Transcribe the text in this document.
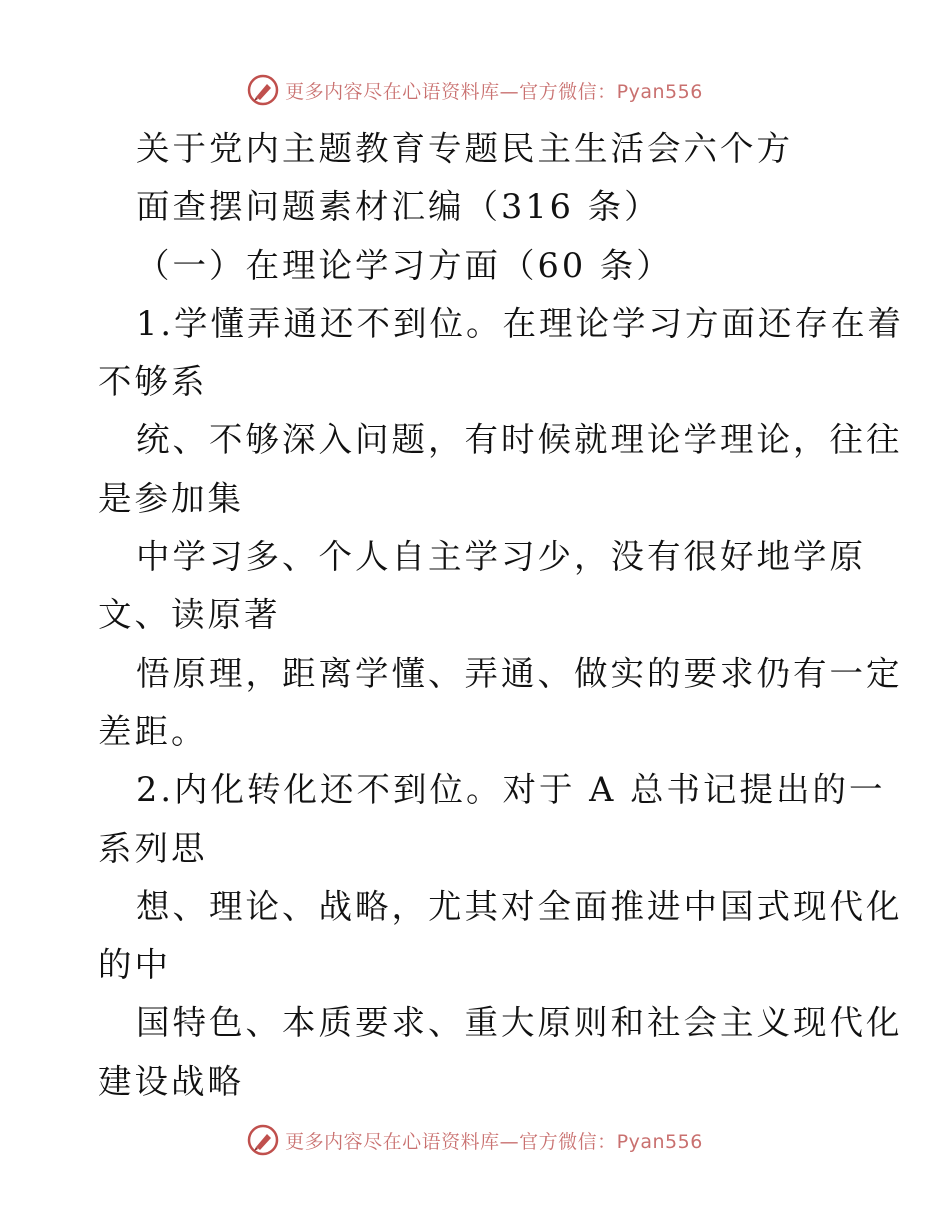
更多内容尽在心语资料库—官方微信：Pyan556
关于党内主题教育专题民主生活会六个方
面查摆问题素材汇编（316 条）
（一）在理论学习方面（60 条）
1.学懂弄通还不到位。在理论学习方面还存在着
不够系
统、不够深入问题，有时候就理论学理论，往往
是参加集
中学习多、个人自主学习少，没有很好地学原
文、读原著
悟原理，距离学懂、弄通、做实的要求仍有一定
差距。
2.内化转化还不到位。对于 A 总书记提出的一
系列思
想、理论、战略，尤其对全面推进中国式现代化
的中
国特色、本质要求、重大原则和社会主义现代化
建设战略
更多内容尽在心语资料库—官方微信：Pyan556
